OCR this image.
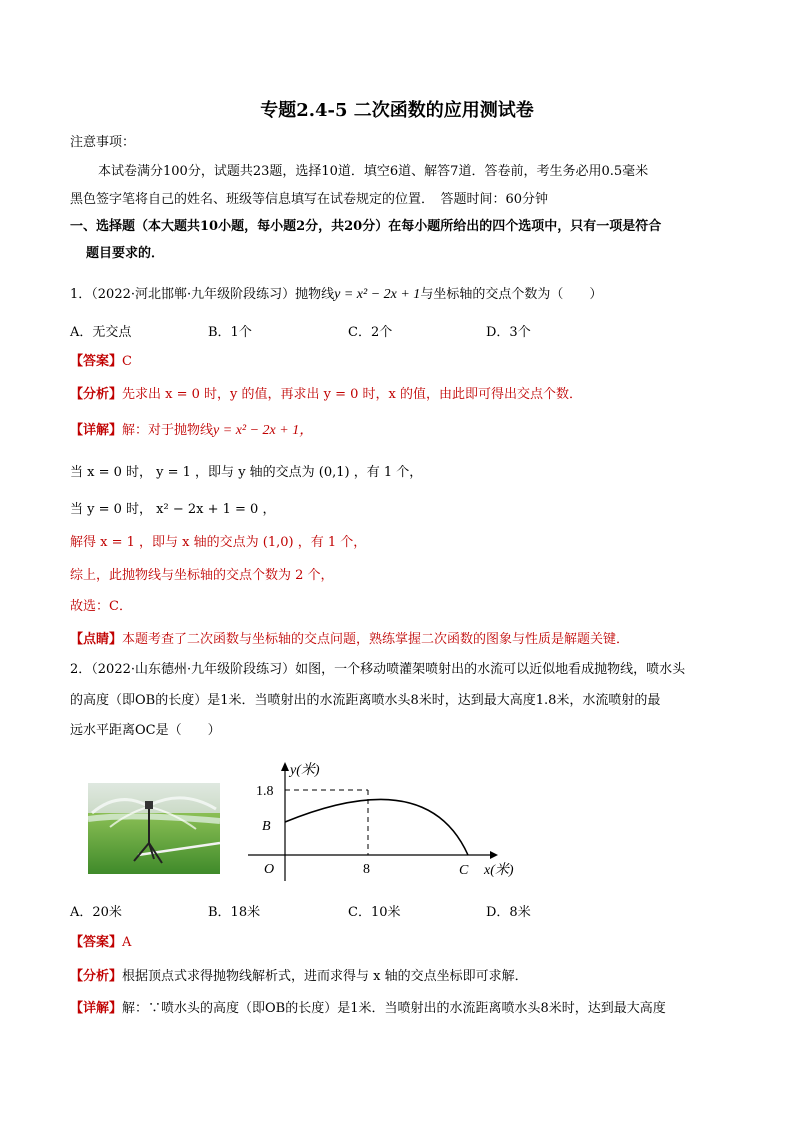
专题2.4-5 二次函数的应用测试卷
注意事项：
本试卷满分100分，试题共23题，选择10道．填空6道、解答7道．答卷前，考生务必用0.5毫米
黑色签字笔将自己的姓名、班级等信息填写在试卷规定的位置．　答题时间：60分钟
一、选择题（本大题共10小题，每小题2分，共20分）在每小题所给出的四个选项中，只有一项是符合
题目要求的．
1．（2022·河北邯郸·九年级阶段练习）抛物线y = x² − 2x + 1与坐标轴的交点个数为（　　）
A．无交点	B．1个	C．2个	D．3个
【答案】C
【分析】先求出 x = 0 时，y 的值，再求出 y = 0 时，x 的值，由此即可得出交点个数．
【详解】解：对于抛物线y = x² − 2x + 1，
当 x = 0 时， y = 1 ，即与 y 轴的交点为 (0,1) ，有 1 个，
当 y = 0 时， x² − 2x + 1 = 0 ，
解得 x = 1 ，即与 x 轴的交点为 (1,0) ，有 1 个，
综上，此抛物线与坐标轴的交点个数为 2 个，
故选：C．
【点睛】本题考查了二次函数与坐标轴的交点问题，熟练掌握二次函数的图象与性质是解题关键．
2．（2022·山东德州·九年级阶段练习）如图，一个移动喷灌架喷射出的水流可以近似地看成抛物线，喷水头
的高度（即OB的长度）是1米．当喷射出的水流距离喷水头8米时，达到最大高度1.8米，水流喷射的最
远水平距离OC是（　　）
y(米)
1.8
B
O	8	C x(米)
A．20米	B．18米	C．10米	D．8米
【答案】A
【分析】根据顶点式求得抛物线解析式，进而求得与 x 轴的交点坐标即可求解．
【详解】解：∵喷水头的高度（即OB的长度）是1米．当喷射出的水流距离喷水头8米时，达到最大高度
